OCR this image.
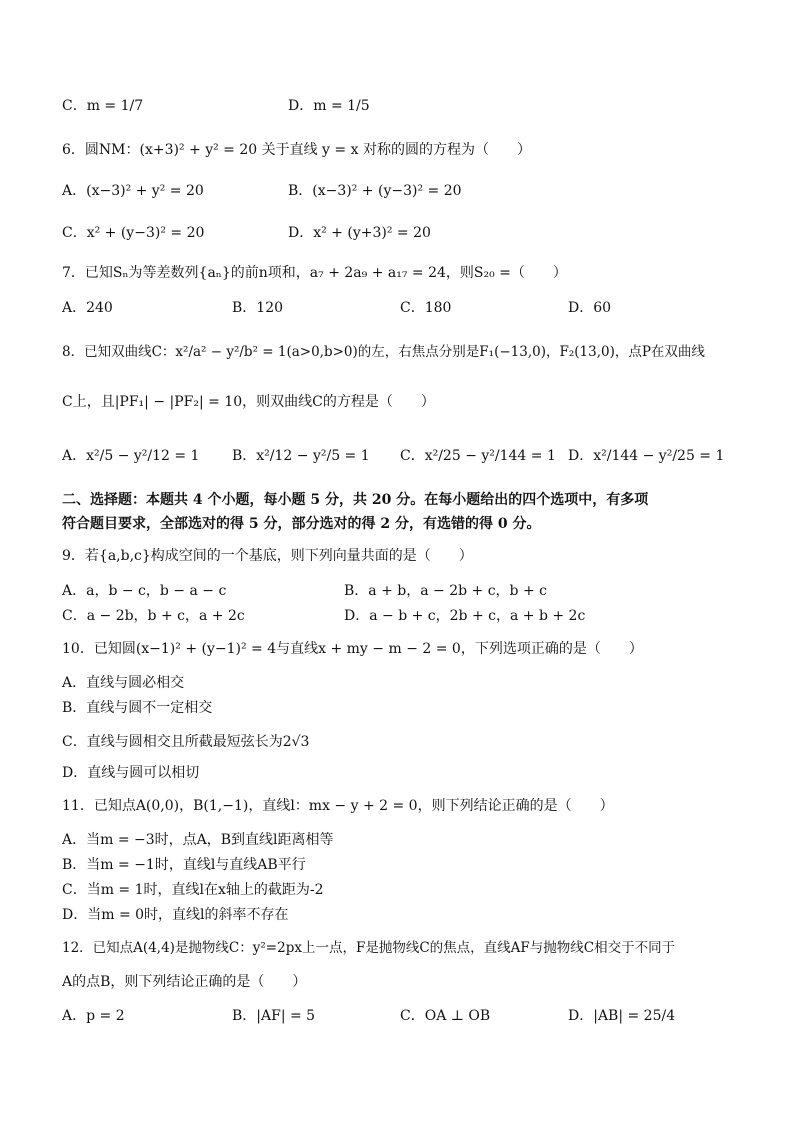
C．m = 1/7	D．m = 1/5
6．圆NM：(x+3)² + y² = 20 关于直线 y = x 对称的圆的方程为（　　）
A．(x−3)² + y² = 20	B．(x−3)² + (y−3)² = 20
C．x² + (y−3)² = 20	D．x² + (y+3)² = 20
7．已知Sₙ为等差数列{aₙ}的前n项和，a₇ + 2a₉ + a₁₇ = 24，则S₂₀ =（　　）
A．240	B．120	C．180	D．60
8．已知双曲线C：x²/a² − y²/b² = 1(a>0,b>0)的左，右焦点分别是F₁(−13,0)，F₂(13,0)，点P在双曲线
C上，且|PF₁| − |PF₂| = 10，则双曲线C的方程是（　　）
A．x²/5 − y²/12 = 1 B．x²/12 − y²/5 = 1 C．x²/25 − y²/144 = 1 D．x²/144 − y²/25 = 1
二、选择题：本题共 4 个小题，每小题 5 分，共 20 分。在每小题给出的四个选项中，有多项
符合题目要求，全部选对的得 5 分，部分选对的得 2 分，有选错的得 0 分。
9．若{a,b,c}构成空间的一个基底，则下列向量共面的是（　　）
A．a，b − c，b − a − c	B．a + b，a − 2b + c，b + c
C．a − 2b，b + c，a + 2c	D．a − b + c，2b + c，a + b + 2c
10．已知圆(x−1)² + (y−1)² = 4与直线x + my − m − 2 = 0，下列选项正确的是（　　）
A．直线与圆必相交
B．直线与圆不一定相交
C．直线与圆相交且所截最短弦长为2√3
D．直线与圆可以相切
11．已知点A(0,0)，B(1,−1)，直线l：mx − y + 2 = 0，则下列结论正确的是（　　）
A．当m = −3时，点A，B到直线l距离相等
B．当m = −1时，直线l与直线AB平行
C．当m = 1时，直线l在x轴上的截距为-2
D．当m = 0时，直线l的斜率不存在
12．已知点A(4,4)是抛物线C：y²=2px上一点，F是抛物线C的焦点，直线AF与抛物线C相交于不同于
A的点B，则下列结论正确的是（　　）
A．p = 2	B．|AF| = 5	C．OA ⊥ OB	D．|AB| = 25/4
